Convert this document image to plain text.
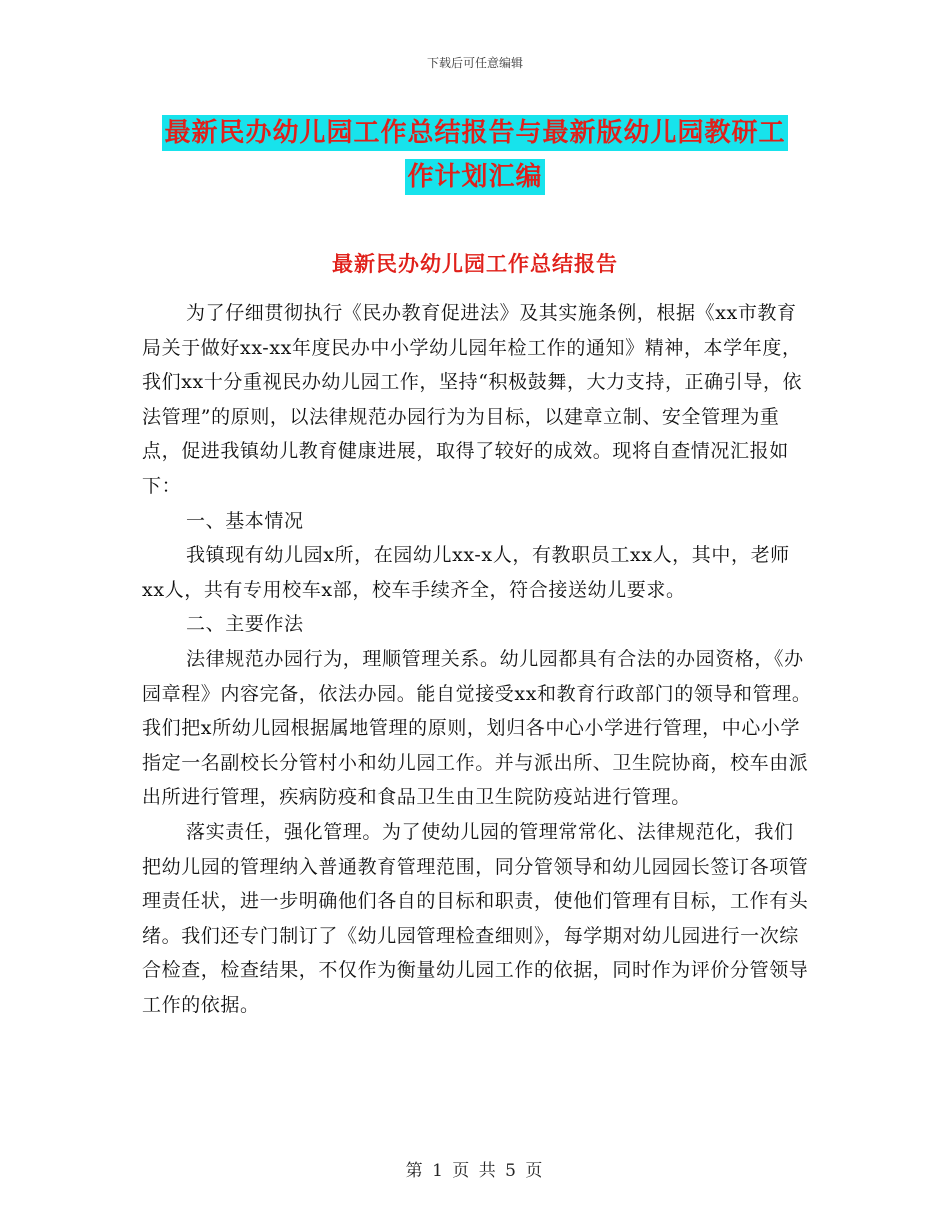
下载后可任意编辑
最新民办幼儿园工作总结报告与最新版幼儿园教研工
作计划汇编
最新民办幼儿园工作总结报告

为了仔细贯彻执行《民办教育促进法》及其实施条例，根据《xx市教育局关于做好xx-xx年度民办中小学幼儿园年检工作的通知》精神，本学年度，我们xx十分重视民办幼儿园工作，坚持“积极鼓舞，大力支持，正确引导，依法管理”的原则，以法律规范办园行为为目标，以建章立制、安全管理为重点，促进我镇幼儿教育健康进展，取得了较好的成效。现将自查情况汇报如下：

一、基本情况

我镇现有幼儿园x所，在园幼儿xx-x人，有教职员工xx人，其中，老师xx人，共有专用校车x部，校车手续齐全，符合接送幼儿要求。

二、主要作法

法律规范办园行为，理顺管理关系。幼儿园都具有合法的办园资格，《办园章程》内容完备，依法办园。能自觉接受xx和教育行政部门的领导和管理。我们把x所幼儿园根据属地管理的原则，划归各中心小学进行管理，中心小学指定一名副校长分管村小和幼儿园工作。并与派出所、卫生院协商，校车由派出所进行管理，疾病防疫和食品卫生由卫生院防疫站进行管理。

落实责任，强化管理。为了使幼儿园的管理常常化、法律规范化，我们把幼儿园的管理纳入普通教育管理范围，同分管领导和幼儿园园长签订各项管理责任状，进一步明确他们各自的目标和职责，使他们管理有目标，工作有头绪。我们还专门制订了《幼儿园管理检查细则》，每学期对幼儿园进行一次综合检查，检查结果，不仅作为衡量幼儿园工作的依据，同时作为评价分管领导工作的依据。

第 1 页 共 5 页
